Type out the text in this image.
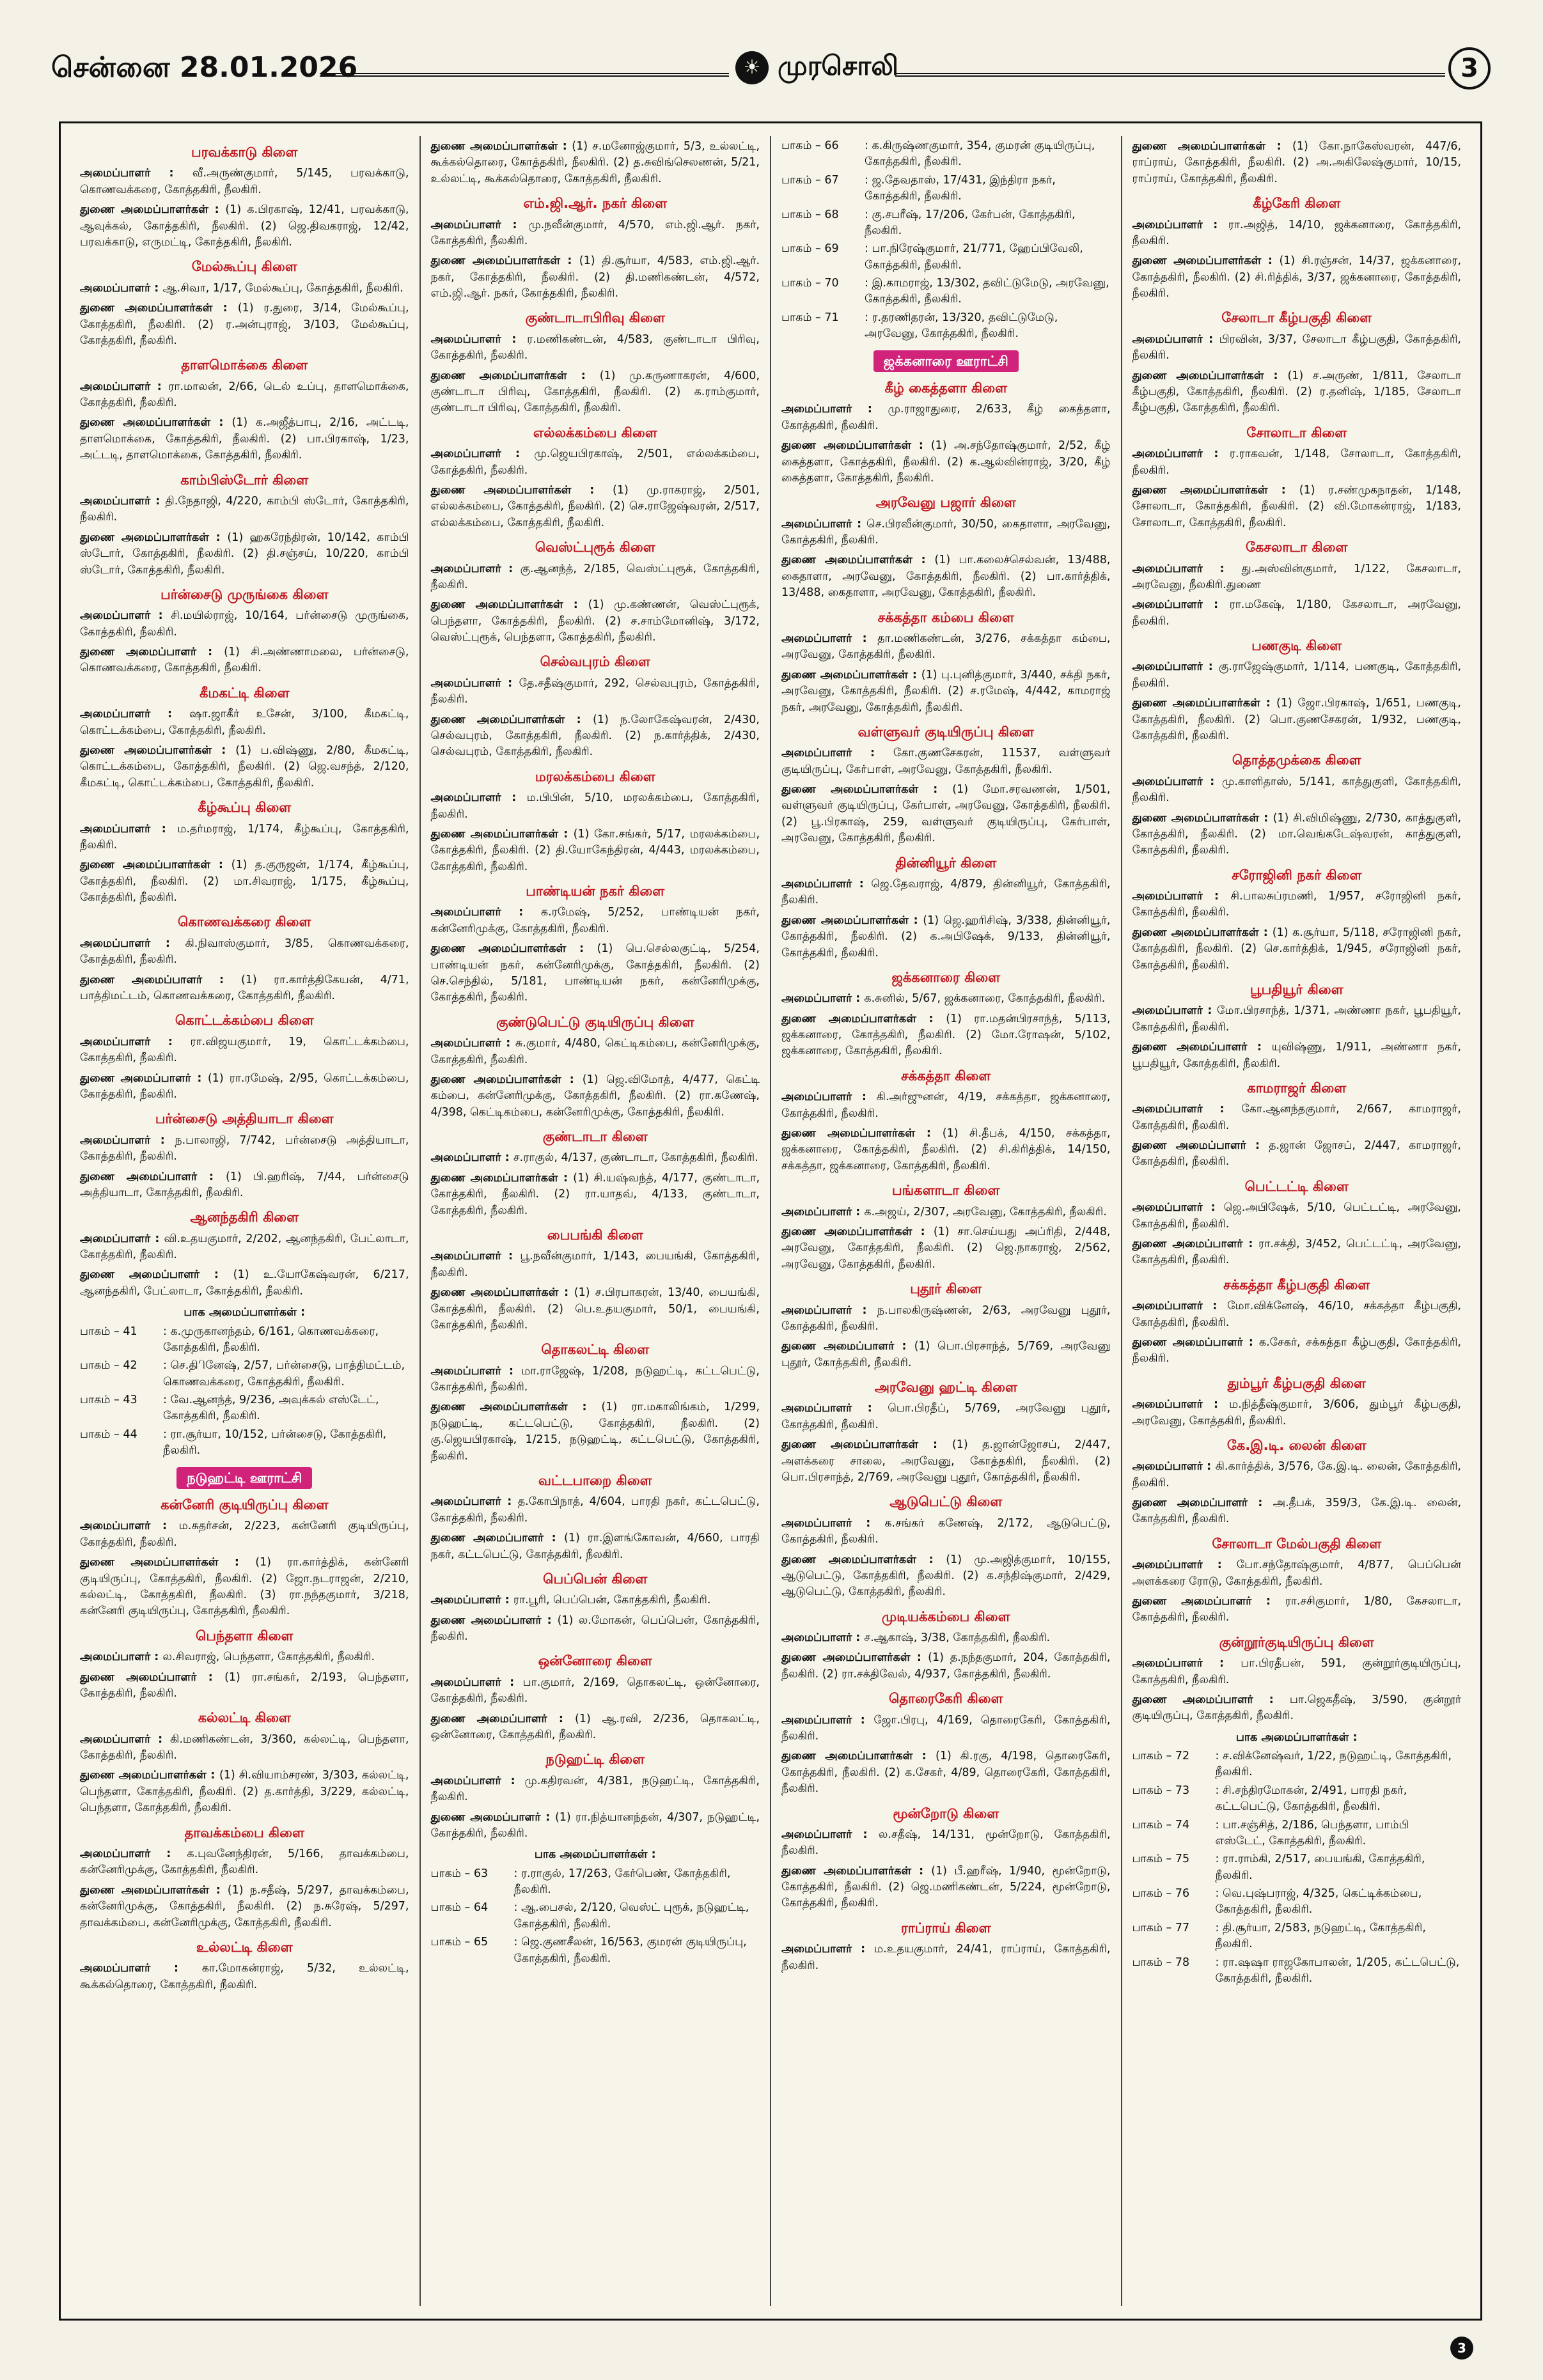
சென்னை 28.01.2026	☀ முரசொலி	3
பரவக்காடு கிளை
அமைப்பாளர் : வீ.அருண்குமார், 5/145, பரவக்காடு, கொணவக்கரை, கோத்தகிரி, நீலகிரி.
துணை அமைப்பாளர்கள் : (1) க.பிரகாஷ், 12/41, பரவக்காடு, ஆவுக்கல், கோத்தகிரி, நீலகிரி. (2) ஜெ.திவகராஜ், 12/42, பரவக்காடு, எருமட்டி, கோத்தகிரி, நீலகிரி.
மேல்கூப்பு கிளை
அமைப்பாளர் : ஆ.சிவா, 1/17, மேல்கூப்பு, கோத்தகிரி, நீலகிரி.
துணை அமைப்பாளர்கள் : (1) ர.துரை, 3/14, மேல்கூப்பு, கோத்தகிரி, நீலகிரி. (2) ர.அன்புராஜ், 3/103, மேல்கூப்பு, கோத்தகிரி, நீலகிரி.
தாளமொக்கை கிளை
அமைப்பாளர் : ரா.மாலன், 2/66, டெல் உப்பு, தாளமொக்கை, கோத்தகிரி, நீலகிரி.
துணை அமைப்பாளர்கள் : (1) க.அஜீத்பாபு, 2/16, அட்டடி, தாளமொக்கை, கோத்தகிரி, நீலகிரி. (2) பா.பிரகாஷ், 1/23, அட்டடி, தாளமொக்கை, கோத்தகிரி, நீலகிரி.
காம்பிஸ்டோர் கிளை
அமைப்பாளர் : தி.நேதாஜி, 4/220, காம்பி ஸ்டோர், கோத்தகிரி, நீலகிரி.
துணை அமைப்பாளர்கள் : (1) ஹகரேந்திரன், 10/142, காம்பி ஸ்டோர், கோத்தகிரி, நீலகிரி. (2) தி.சஞ்சய், 10/220, காம்பி ஸ்டோர், கோத்தகிரி, நீலகிரி.
பர்ன்சைடு முருங்கை கிளை
அமைப்பாளர் : சி.மயில்ராஜ், 10/164, பர்ன்சைடு முருங்கை, கோத்தகிரி, நீலகிரி.
துணை அமைப்பாளர் : (1) சி.அண்ணாமலை, பர்ன்சைடு, கொணவக்கரை, கோத்தகிரி, நீலகிரி.
கீமகட்டி கிளை
அமைப்பாளர் : ஷா.ஜாகீர் உசேன், 3/100, கீமகட்டி, கொட்டக்கம்பை, கோத்தகிரி, நீலகிரி.
துணை அமைப்பாளர்கள் : (1) ப.விஷ்ணு, 2/80, கீமகட்டி, கொட்டக்கம்பை, கோத்தகிரி, நீலகிரி. (2) ஜெ.வசந்த், 2/120, கீமகட்டி, கொட்டக்கம்பை, கோத்தகிரி, நீலகிரி.
கீழ்கூப்பு கிளை
அமைப்பாளர் : ம.தர்மராஜ், 1/174, கீழ்கூப்பு, கோத்தகிரி, நீலகிரி.
துணை அமைப்பாளர்கள் : (1) த.குருஜன், 1/174, கீழ்கூப்பு, கோத்தகிரி, நீலகிரி. (2) மா.சிவராஜ், 1/175, கீழ்கூப்பு, கோத்தகிரி, நீலகிரி.
கொணவக்கரை கிளை
அமைப்பாளர் : கி.நிவாஸ்குமார், 3/85, கொணவக்கரை, கோத்தகிரி, நீலகிரி.
துணை அமைப்பாளர் : (1) ரா.கார்த்திகேயன், 4/71, பாத்திமட்டம், கொணவக்கரை, கோத்தகிரி, நீலகிரி.
கொட்டக்கம்பை கிளை
அமைப்பாளர் : ரா.விஜயகுமார், 19, கொட்டக்கம்பை, கோத்தகிரி, நீலகிரி.
துணை அமைப்பாளர் : (1) ரா.ரமேஷ், 2/95, கொட்டக்கம்பை, கோத்தகிரி, நீலகிரி.
பர்ன்சைடு அத்தியாடா கிளை
அமைப்பாளர் : ந.பாலாஜி, 7/742, பர்ன்சைடு அத்தியாடா, கோத்தகிரி, நீலகிரி.
துணை அமைப்பாளர் : (1) பி.ஹரிஷ், 7/44, பர்ன்சைடு அத்தியாடா, கோத்தகிரி, நீலகிரி.
ஆனந்தகிரி கிளை
அமைப்பாளர் : வி.உதயகுமார், 2/202, ஆனந்தகிரி, பேட்லாடா, கோத்தகிரி, நீலகிரி.
துணை அமைப்பாளர் : (1) உ.யோகேஷ்வரன், 6/217, ஆனந்தகிரி, பேட்லாடா, கோத்தகிரி, நீலகிரி.
பாக அமைப்பாளர்கள் :
பாகம் – 41	: க.முருகானந்தம், 6/161, கொணவக்கரை, கோத்தகிரி, நீலகிரி.
பாகம் – 42	: செ.திினேஷ், 2/57, பர்ன்சைடு, பாத்திமட்டம், கொணவக்கரை, கோத்தகிரி, நீலகிரி.
பாகம் – 43	: வே.ஆனந்த், 9/236, அவுக்கல் எஸ்டேட், கோத்தகிரி, நீலகிரி.
பாகம் – 44	: ரா.சூர்யா, 10/152, பர்ன்சைடு, கோத்தகிரி, நீலகிரி.
நடுஹட்டி ஊராட்சி
கன்னேரி குடியிருப்பு கிளை
அமைப்பாளர் : ம.சுதர்சன், 2/223, கன்னேரி குடியிருப்பு, கோத்தகிரி, நீலகிரி.
துணை அமைப்பாளர்கள் : (1) ரா.கார்த்திக், கன்னேரி குடியிருப்பு, கோத்தகிரி, நீலகிரி. (2) ஜோ.நடராஜன், 2/210, கல்லட்டி, கோத்தகிரி, நீலகிரி. (3) ரா.நந்தகுமார், 3/218, கன்னேரி குடியிருப்பு, கோத்தகிரி, நீலகிரி.
பெந்தளா கிளை
அமைப்பாளர் : ல.சிவராஜ், பெந்தளா, கோத்தகிரி, நீலகிரி.
துணை அமைப்பாளர் : (1) ரா.சங்கர், 2/193, பெந்தளா, கோத்தகிரி, நீலகிரி.
கல்லட்டி கிளை
அமைப்பாளர் : கி.மணிகண்டன், 3/360, கல்லட்டி, பெந்தளா, கோத்தகிரி, நீலகிரி.
துணை அமைப்பாளர்கள் : (1) சி.வியாம்சரண், 3/303, கல்லட்டி, பெந்தளா, கோத்தகிரி, நீலகிரி. (2) த.கார்த்தி, 3/229, கல்லட்டி, பெந்தளா, கோத்தகிரி, நீலகிரி.
தாவக்கம்பை கிளை
அமைப்பாளர் : க.புவனேந்திரன், 5/166, தாவக்கம்பை, கன்னேரிமுக்கு, கோத்தகிரி, நீலகிரி.
துணை அமைப்பாளர்கள் : (1) ந.சதீஷ், 5/297, தாவக்கம்பை, கன்னேரிமுக்கு, கோத்தகிரி, நீலகிரி. (2) ந.சுரேஷ், 5/297, தாவக்கம்பை, கன்னேரிமுக்கு, கோத்தகிரி, நீலகிரி.
உல்லட்டி கிளை
அமைப்பாளர் : கா.மோகன்ராஜ், 5/32, உல்லட்டி, கூக்கல்தொரை, கோத்தகிரி, நீலகிரி.
துணை அமைப்பாளர்கள் : (1) ச.மனோஜ்குமார், 5/3, உல்லட்டி, கூக்கல்தொரை, கோத்தகிரி, நீலகிரி. (2) த.சுவிங்செலணன், 5/21, உல்லட்டி, கூக்கல்தொரை, கோத்தகிரி, நீலகிரி.
எம்.ஜி.ஆர். நகர் கிளை
அமைப்பாளர் : மு.நவீன்குமார், 4/570, எம்.ஜி.ஆர். நகர், கோத்தகிரி, நீலகிரி.
துணை அமைப்பாளர்கள் : (1) தி.சூர்யா, 4/583, எம்.ஜி.ஆர். நகர், கோத்தகிரி, நீலகிரி. (2) தி.மணிகண்டன், 4/572, எம்.ஜி.ஆர். நகர், கோத்தகிரி, நீலகிரி.
குண்டாடாபிரிவு கிளை
அமைப்பாளர் : ர.மணிகண்டன், 4/583, குண்டாடா பிரிவு, கோத்தகிரி, நீலகிரி.
துணை அமைப்பாளர்கள் : (1) மு.கருணாகரன், 4/600, குண்டாடா பிரிவு, கோத்தகிரி, நீலகிரி. (2) க.ராம்குமார், குண்டாடா பிரிவு, கோத்தகிரி, நீலகிரி.
எல்லக்கம்பை கிளை
அமைப்பாளர் : மு.ஜெயபிரகாஷ், 2/501, எல்லக்கம்பை, கோத்தகிரி, நீலகிரி.
துணை அமைப்பாளர்கள் : (1) மு.ராகராஜ், 2/501, எல்லக்கம்பை, கோத்தகிரி, நீலகிரி. (2) செ.ராஜேஷ்வரன், 2/517, எல்லக்கம்பை, கோத்தகிரி, நீலகிரி.
வெஸ்ட்புரூக் கிளை
அமைப்பாளர் : கு.ஆனந்த், 2/185, வெஸ்ட்புரூக், கோத்தகிரி, நீலகிரி.
துணை அமைப்பாளர்கள் : (1) மு.கண்ணன், வெஸ்ட்புரூக், பெந்தளா, கோத்தகிரி, நீலகிரி. (2) ச.சாம்மோனிஷ், 3/172, வெஸ்ட்புரூக், பெந்தளா, கோத்தகிரி, நீலகிரி.
செல்வபுரம் கிளை
அமைப்பாளர் : தே.சதீஷ்குமார், 292, செல்வபுரம், கோத்தகிரி, நீலகிரி.
துணை அமைப்பாளர்கள் : (1) ந.லோகேஷ்வரன், 2/430, செல்வபுரம், கோத்தகிரி, நீலகிரி. (2) ந.கார்த்திக், 2/430, செல்வபுரம், கோத்தகிரி, நீலகிரி.
மரலக்கம்பை கிளை
அமைப்பாளர் : ம.பிபின், 5/10, மரலக்கம்பை, கோத்தகிரி, நீலகிரி.
துணை அமைப்பாளர்கள் : (1) கோ.சங்கர், 5/17, மரலக்கம்பை, கோத்தகிரி, நீலகிரி. (2) தி.யோகேந்திரன், 4/443, மரலக்கம்பை, கோத்தகிரி, நீலகிரி.
பாண்டியன் நகர் கிளை
அமைப்பாளர் : க.ரமேஷ், 5/252, பாண்டியன் நகர், கன்னேரிமுக்கு, கோத்தகிரி, நீலகிரி.
துணை அமைப்பாளர்கள் : (1) பெ.செல்லகுட்டி, 5/254, பாண்டியன் நகர், கன்னேரிமுக்கு, கோத்தகிரி, நீலகிரி. (2) செ.செந்தில், 5/181, பாண்டியன் நகர், கன்னேரிமுக்கு, கோத்தகிரி, நீலகிரி.
குண்டுபெட்டு குடியிருப்பு கிளை
அமைப்பாளர் : சு.குமார், 4/480, கெட்டிகம்பை, கன்னேரிமுக்கு, கோத்தகிரி, நீலகிரி.
துணை அமைப்பாளர்கள் : (1) ஜெ.விமோத், 4/477, கெட்டி கம்பை, கன்னேரிமுக்கு, கோத்தகிரி, நீலகிரி. (2) ரா.கணேஷ், 4/398, கெட்டிகம்பை, கன்னேரிமுக்கு, கோத்தகிரி, நீலகிரி.
குண்டாடா கிளை
அமைப்பாளர் : ச.ராகுல், 4/137, குண்டாடா, கோத்தகிரி, நீலகிரி.
துணை அமைப்பாளர்கள் : (1) சி.யஷ்வந்த், 4/177, குண்டாடா, கோத்தகிரி, நீலகிரி. (2) ரா.யாதவ், 4/133, குண்டாடா, கோத்தகிரி, நீலகிரி.
பைபங்கி கிளை
அமைப்பாளர் : பூ.நவீன்குமார், 1/143, பையங்கி, கோத்தகிரி, நீலகிரி.
துணை அமைப்பாளர்கள் : (1) ச.பிரபாகரன், 13/40, பையங்கி, கோத்தகிரி, நீலகிரி. (2) பெ.உதயகுமார், 50/1, பையங்கி, கோத்தகிரி, நீலகிரி.
தொகலட்டி கிளை
அமைப்பாளர் : மா.ராஜேஷ், 1/208, நடுஹட்டி, கட்டபெட்டு, கோத்தகிரி, நீலகிரி.
துணை அமைப்பாளர்கள் : (1) ரா.மகாலிங்கம், 1/299, நடுஹட்டி, கட்டபெட்டு, கோத்தகிரி, நீலகிரி. (2) கு.ஜெயபிரகாஷ், 1/215, நடுஹட்டி, கட்டபெட்டு, கோத்தகிரி, நீலகிரி.
வட்டபாறை கிளை
அமைப்பாளர் : த.கோபிநாத், 4/604, பாரதி நகர், கட்டபெட்டு, கோத்தகிரி, நீலகிரி.
துணை அமைப்பாளர் : (1) ரா.இளங்கோவன், 4/660, பாரதி நகர், கட்டபெட்டு, கோத்தகிரி, நீலகிரி.
பெப்பென் கிளை
அமைப்பாளர் : ரா.பூரி, பெப்பென், கோத்தகிரி, நீலகிரி.
துணை அமைப்பாளர் : (1) ல.மோகன், பெப்பென், கோத்தகிரி, நீலகிரி.
ஒன்னோரை கிளை
அமைப்பாளர் : பா.குமார், 2/169, தொகலட்டி, ஒன்னோரை, கோத்தகிரி, நீலகிரி.
துணை அமைப்பாளர் : (1) ஆ.ரவி, 2/236, தொகலட்டி, ஒன்னோரை, கோத்தகிரி, நீலகிரி.
நடுஹட்டி கிளை
அமைப்பாளர் : மு.கதிரவன், 4/381, நடுஹட்டி, கோத்தகிரி, நீலகிரி.
துணை அமைப்பாளர் : (1) ரா.நித்யானந்தன், 4/307, நடுஹட்டி, கோத்தகிரி, நீலகிரி.
பாக அமைப்பாளர்கள் :
பாகம் – 63	: ர.ராகுல், 17/263, கேர்பெண், கோத்தகிரி, நீலகிரி.
பாகம் – 64	: ஆ.பைசல், 2/120, வெஸ்ட் புரூக், நடுஹட்டி, கோத்தகிரி, நீலகிரி.
பாகம் – 65	: ஜெ.குணசீலன், 16/563, குமரன் குடியிருப்பு, கோத்தகிரி, நீலகிரி.
பாகம் – 66	: க.கிருஷ்ணகுமார், 354, குமரன் குடியிருப்பு, கோத்தகிரி, நீலகிரி.
பாகம் – 67	: ஜ.தேவதாஸ், 17/431, இந்திரா நகர், கோத்தகிரி, நீலகிரி.
பாகம் – 68	: கு.சபரீஷ், 17/206, கேர்பன், கோத்தகிரி, நீலகிரி.
பாகம் – 69	: பா.நிரேஷ்குமார், 21/771, ஹேப்பிவேலி, கோத்தகிரி, நீலகிரி.
பாகம் – 70	: இ.காமராஜ், 13/302, தவிட்டுமேடு, அரவேனு, கோத்தகிரி, நீலகிரி.
பாகம் – 71	: ர.தரணிதரன், 13/320, தவிட்டுமேடு, அரவேனு, கோத்தகிரி, நீலகிரி.
ஜக்கனாரை ஊராட்சி
கீழ் கைத்தளா கிளை
அமைப்பாளர் : மு.ராஜாதுரை, 2/633, கீழ் கைத்தளா, கோத்தகிரி, நீலகிரி.
துணை அமைப்பாளர்கள் : (1) அ.சந்தோஷ்குமார், 2/52, கீழ் கைத்தளா, கோத்தகிரி, நீலகிரி. (2) க.ஆல்வின்ராஜ், 3/20, கீழ் கைத்தளா, கோத்தகிரி, நீலகிரி.
அரவேனு பஜார் கிளை
அமைப்பாளர் : செ.பிரவீன்குமார், 30/50, கைதாளா, அரவேனு, கோத்தகிரி, நீலகிரி.
துணை அமைப்பாளர்கள் : (1) பா.கலைச்செல்வன், 13/488, கைதாளா, அரவேனு, கோத்தகிரி, நீலகிரி. (2) பா.கார்த்திக், 13/488, கைதாளா, அரவேனு, கோத்தகிரி, நீலகிரி.
சக்கத்தா கம்பை கிளை
அமைப்பாளர் : தா.மணிகண்டன், 3/276, சக்கத்தா கம்பை, அரவேனு, கோத்தகிரி, நீலகிரி.
துணை அமைப்பாளர்கள் : (1) பு.புனித்குமார், 3/440, சக்தி நகர், அரவேனு, கோத்தகிரி, நீலகிரி. (2) ச.ரமேஷ், 4/442, காமராஜ் நகர், அரவேனு, கோத்தகிரி, நீலகிரி.
வள்ளுவர் குடியிருப்பு கிளை
அமைப்பாளர் : கோ.குணசேகரன், 11537, வள்ளுவர் குடியிருப்பு, கேர்பாள், அரவேனு, கோத்தகிரி, நீலகிரி.
துணை அமைப்பாளர்கள் : (1) மோ.சரவணன், 1/501, வள்ளுவர் குடியிருப்பு, கேர்பாள், அரவேனு, கோத்தகிரி, நீலகிரி. (2) பூ.பிரகாஷ், 259, வள்ளுவர் குடியிருப்பு, கேர்பாள், அரவேனு, கோத்தகிரி, நீலகிரி.
தின்னியூர் கிளை
அமைப்பாளர் : ஜெ.தேவராஜ், 4/879, தின்னியூர், கோத்தகிரி, நீலகிரி.
துணை அமைப்பாளர்கள் : (1) ஜெ.ஹரிசிஷ், 3/338, தின்னியூர், கோத்தகிரி, நீலகிரி. (2) க.அபிஷேக், 9/133, தின்னியூர், கோத்தகிரி, நீலகிரி.
ஜக்கனாரை கிளை
அமைப்பாளர் : க.சுனில், 5/67, ஜக்கனாரை, கோத்தகிரி, நீலகிரி.
துணை அமைப்பாளர்கள் : (1) ரா.மதன்பிரசாந்த், 5/113, ஜக்கனாரை, கோத்தகிரி, நீலகிரி. (2) மோ.ரோஷன், 5/102, ஜக்கனாரை, கோத்தகிரி, நீலகிரி.
சக்கத்தா கிளை
அமைப்பாளர் : கி.அர்ஜுனன், 4/19, சக்கத்தா, ஜக்கனாரை, கோத்தகிரி, நீலகிரி.
துணை அமைப்பாளர்கள் : (1) சி.தீபக், 4/150, சக்கத்தா, ஜக்கனாரை, கோத்தகிரி, நீலகிரி. (2) சி.கிரித்திக், 14/150, சக்கத்தா, ஜக்கனாரை, கோத்தகிரி, நீலகிரி.
பங்களாடா கிளை
அமைப்பாளர் : க.அஜய், 2/307, அரவேனு, கோத்தகிரி, நீலகிரி.
துணை அமைப்பாளர்கள் : (1) சா.செய்யது அப்ரிதி, 2/448, அரவேனு, கோத்தகிரி, நீலகிரி. (2) ஜெ.நாகராஜ், 2/562, அரவேனு, கோத்தகிரி, நீலகிரி.
புதூர் கிளை
அமைப்பாளர் : ந.பாலகிருஷ்ணன், 2/63, அரவேனு புதூர், கோத்தகிரி, நீலகிரி.
துணை அமைப்பாளர் : (1) பொ.பிரசாந்த், 5/769, அரவேனு புதூர், கோத்தகிரி, நீலகிரி.
அரவேனு ஹட்டி கிளை
அமைப்பாளர் : பொ.பிரதீப், 5/769, அரவேனு புதூர், கோத்தகிரி, நீலகிரி.
துணை அமைப்பாளர்கள் : (1) த.ஜான்ஜோசப், 2/447, அளக்கரை சாலை, அரவேனு, கோத்தகிரி, நீலகிரி. (2) பொ.பிரசாந்த், 2/769, அரவேனு புதூர், கோத்தகிரி, நீலகிரி.
ஆடுபெட்டு கிளை
அமைப்பாளர் : க.சங்கர் கணேஷ், 2/172, ஆடுபெட்டு, கோத்தகிரி, நீலகிரி.
துணை அமைப்பாளர்கள் : (1) மு.அஜித்குமார், 10/155, ஆடுபெட்டு, கோத்தகிரி, நீலகிரி. (2) க.சந்திஷ்குமார், 2/429, ஆடுபெட்டு, கோத்தகிரி, நீலகிரி.
முடியக்கம்பை கிளை
அமைப்பாளர் : ச.ஆகாஷ், 3/38, கோத்தகிரி, நீலகிரி.
துணை அமைப்பாளர்கள் : (1) த.நந்தகுமார், 204, கோத்தகிரி, நீலகிரி. (2) ரா.சக்திவேல், 4/937, கோத்தகிரி, நீலகிரி.
தொரைகேரி கிளை
அமைப்பாளர் : ஜோ.பிரபு, 4/169, தொரைகேரி, கோத்தகிரி, நீலகிரி.
துணை அமைப்பாளர்கள் : (1) கி.ரகு, 4/198, தொரைகேரி, கோத்தகிரி, நீலகிரி. (2) க.சேகர், 4/89, தொரைகேரி, கோத்தகிரி, நீலகிரி.
மூன்றோடு கிளை
அமைப்பாளர் : ல.சதீஷ், 14/131, மூன்றோடு, கோத்தகிரி, நீலகிரி.
துணை அமைப்பாளர்கள் : (1) பீ.ஹரீஷ், 1/940, மூன்றோடு, கோத்தகிரி, நீலகிரி. (2) ஜெ.மணிகண்டன், 5/224, மூன்றோடு, கோத்தகிரி, நீலகிரி.
ராப்ராய் கிளை
அமைப்பாளர் : ம.உதயகுமார், 24/41, ராப்ராய், கோத்தகிரி, நீலகிரி.
துணை அமைப்பாளர்கள் : (1) கோ.நாகேஸ்வரன், 447/6, ராப்ராய், கோத்தகிரி, நீலகிரி. (2) அ.அகிலேஷ்குமார், 10/15, ராப்ராய், கோத்தகிரி, நீலகிரி.
கீழ்கேரி கிளை
அமைப்பாளர் : ரா.அஜித், 14/10, ஜக்கனாரை, கோத்தகிரி, நீலகிரி.
துணை அமைப்பாளர்கள் : (1) சி.ரஞ்சன், 14/37, ஜக்கனாரை, கோத்தகிரி, நீலகிரி. (2) சி.ரித்திக், 3/37, ஜக்கனாரை, கோத்தகிரி, நீலகிரி.
சேலாடா கீழ்பகுதி கிளை
அமைப்பாளர் : பிரவின், 3/37, சேலாடா கீழ்பகுதி, கோத்தகிரி, நீலகிரி.
துணை அமைப்பாளர்கள் : (1) ச.அருண், 1/811, சேலாடா கீழ்பகுதி, கோத்தகிரி, நீலகிரி. (2) ர.தனிஷ், 1/185, சேலாடா கீழ்பகுதி, கோத்தகிரி, நீலகிரி.
சோலாடா கிளை
அமைப்பாளர் : ர.ராகவன், 1/148, சோலாடா, கோத்தகிரி, நீலகிரி.
துணை அமைப்பாளர்கள் : (1) ர.சண்முகநாதன், 1/148, சோலாடா, கோத்தகிரி, நீலகிரி. (2) வி.மோகன்ராஜ், 1/183, சோலாடா, கோத்தகிரி, நீலகிரி.
கேசலாடா கிளை
அமைப்பாளர் : து.அஸ்வின்குமார், 1/122, கேசலாடா, அரவேனு, நீலகிரி.துணை
அமைப்பாளர் : ரா.மகேஷ், 1/180, கேசலாடா, அரவேனு, நீலகிரி.
பணகுடி கிளை
அமைப்பாளர் : கு.ராஜேஷ்குமார், 1/114, பணகுடி, கோத்தகிரி, நீலகிரி.
துணை அமைப்பாளர்கள் : (1) ஜோ.பிரகாஷ், 1/651, பணகுடி, கோத்தகிரி, நீலகிரி. (2) பொ.குணசேகரன், 1/932, பணகுடி, கோத்தகிரி, நீலகிரி.
தொத்தமுக்கை கிளை
அமைப்பாளர் : மு.காளிதாஸ், 5/141, காத்துகுளி, கோத்தகிரி, நீலகிரி.
துணை அமைப்பாளர்கள் : (1) சி.விமிஷ்ணு, 2/730, காத்துகுளி, கோத்தகிரி, நீலகிரி. (2) மா.வெங்கடேஷ்வரன், காத்துகுளி, கோத்தகிரி, நீலகிரி.
சரோஜினி நகர் கிளை
அமைப்பாளர் : சி.பாலசுப்ரமணி, 1/957, சரோஜினி நகர், கோத்தகிரி, நீலகிரி.
துணை அமைப்பாளர்கள் : (1) க.சூர்யா, 5/118, சரோஜினி நகர், கோத்தகிரி, நீலகிரி. (2) செ.கார்த்திக், 1/945, சரோஜினி நகர், கோத்தகிரி, நீலகிரி.
பூபதியூர் கிளை
அமைப்பாளர் : மோ.பிரசாந்த், 1/371, அண்ணா நகர், பூபதியூர், கோத்தகிரி, நீலகிரி.
துணை அமைப்பாளர் : யுவிஷ்ணு, 1/911, அண்ணா நகர், பூபதியூர், கோத்தகிரி, நீலகிரி.
காமராஜர் கிளை
அமைப்பாளர் : கோ.ஆனந்தகுமார், 2/667, காமராஜர், கோத்தகிரி, நீலகிரி.
துணை அமைப்பாளர் : த.ஜான் ஜோசப், 2/447, காமராஜர், கோத்தகிரி, நீலகிரி.
பெட்டட்டி கிளை
அமைப்பாளர் : ஜெ.அபிஷேக், 5/10, பெட்டட்டி, அரவேனு, கோத்தகிரி, நீலகிரி.
துணை அமைப்பாளர் : ரா.சக்தி, 3/452, பெட்டட்டி, அரவேனு, கோத்தகிரி, நீலகிரி.
சக்கத்தா கீழ்பகுதி கிளை
அமைப்பாளர் : மோ.விக்னேஷ், 46/10, சக்கத்தா கீழ்பகுதி, கோத்தகிரி, நீலகிரி.
துணை அமைப்பாளர் : க.சேகர், சக்கத்தா கீழ்பகுதி, கோத்தகிரி, நீலகிரி.
தும்பூர் கீழ்பகுதி கிளை
அமைப்பாளர் : ம.நித்தீஷ்குமார், 3/606, தும்பூர் கீழ்பகுதி, அரவேனு, கோத்தகிரி, நீலகிரி.
கே.இ.டி. லைன் கிளை
அமைப்பாளர் : கி.கார்த்திக், 3/576, கே.இ.டி. லைன், கோத்தகிரி, நீலகிரி.
துணை அமைப்பாளர் : அ.தீபக், 359/3, கே.இ.டி. லைன், கோத்தகிரி, நீலகிரி.
சோலாடா மேல்பகுதி கிளை
அமைப்பாளர் : போ.சந்தோஷ்குமார், 4/877, பெப்பென் அளக்கரை ரோடு, கோத்தகிரி, நீலகிரி.
துணை அமைப்பாளர் : ரா.சசிகுமார், 1/80, கேசலாடா, கோத்தகிரி, நீலகிரி.
குன்றூர்குடியிருப்பு கிளை
அமைப்பாளர் : பா.பிரதீபன், 591, குன்றூர்குடியிருப்பு, கோத்தகிரி, நீலகிரி.
துணை அமைப்பாளர் : பா.ஜெகதீஷ், 3/590, குன்றூர் குடியிருப்பு, கோத்தகிரி, நீலகிரி.
பாக அமைப்பாளர்கள் :
பாகம் – 72	: ச.விக்னேஷ்வர், 1/22, நடுஹட்டி, கோத்தகிரி, நீலகிரி.
பாகம் – 73	: சி.சந்திரமோகன், 2/491, பாரதி நகர், கட்டபெட்டு, கோத்தகிரி, நீலகிரி.
பாகம் – 74	: பா.சஞ்சித், 2/186, பெந்தளா, பாம்பி எஸ்டேட், கோத்தகிரி, நீலகிரி.
பாகம் – 75	: ரா.ராம்கி, 2/517, பையங்கி, கோத்தகிரி, நீலகிரி.
பாகம் – 76	: வெ.புஷ்பராஜ், 4/325, கெட்டிக்கம்பை, கோத்தகிரி, நீலகிரி.
பாகம் – 77	: தி.சூர்யா, 2/583, நடுஹட்டி, கோத்தகிரி, நீலகிரி.
பாகம் – 78	: ரா.ஷஷா ராஜகோபாலன், 1/205, கட்டபெட்டு, கோத்தகிரி, நீலகிரி.
3
